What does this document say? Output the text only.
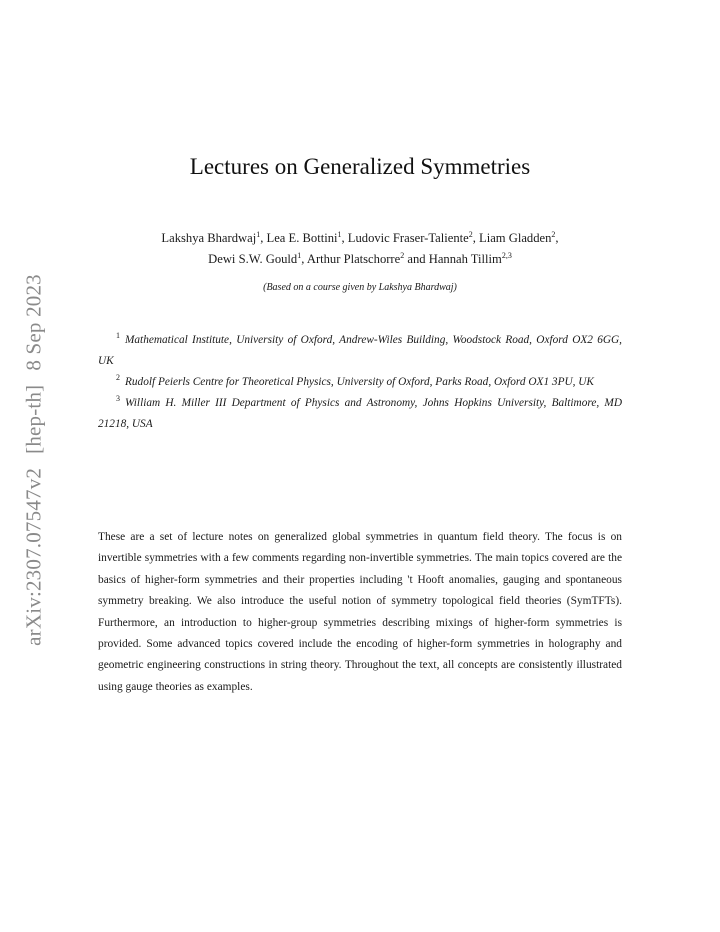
arXiv:2307.07547v2[hep-th]8 Sep 2023
Lectures on Generalized Symmetries
Lakshya Bhardwaj$^1$, Lea E. Bottini$^1$, Ludovic Fraser-Taliente$^2$, Liam Gladden$^2$,
Dewi S.W. Gould$^1$, Arthur Platschorre$^2$ and Hannah Tillim$^{2,3}$
(Based on a course given by Lakshya Bhardwaj)

$^1$ Mathematical Institute, University of Oxford, Andrew-Wiles Building, Woodstock Road, Oxford OX2 6GG, UK

$^2$ Rudolf Peierls Centre for Theoretical Physics, University of Oxford, Parks Road, Oxford OX1 3PU, UK

$^3$ William H. Miller III Department of Physics and Astronomy, Johns Hopkins University, Baltimore, MD 21218, USA

These are a set of lecture notes on generalized global symmetries in quantum field theory. The focus is on invertible symmetries with a few comments regarding non-invertible symmetries. The main topics covered are the basics of higher-form symmetries and their properties including 't Hooft anomalies, gauging and spontaneous symmetry breaking. We also introduce the useful notion of symmetry topological field theories (SymTFTs). Furthermore, an introduction to higher-group symmetries describing mixings of higher-form symmetries is provided. Some advanced topics covered include the encoding of higher-form symmetries in holography and geometric engineering constructions in string theory. Throughout the text, all concepts are consistently illustrated using gauge theories as examples.
